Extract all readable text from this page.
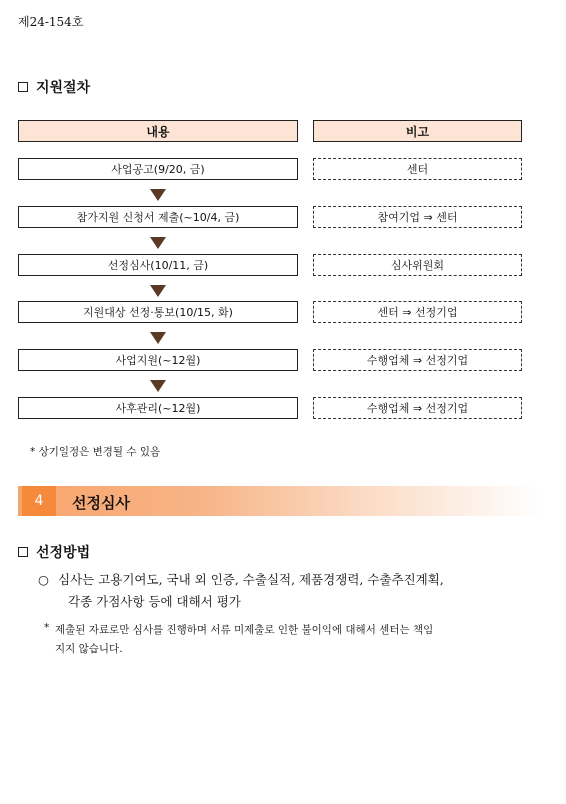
제24-154호
지원절차
내용	비고
사업공고(9/20, 금)	센터
참가지원 신청서 제출(~10/4, 금)	참여기업 ⇒ 센터
선정심사(10/11, 금)	심사위원회
지원대상 선정·통보(10/15, 화)	센터 ⇒ 선정기업
사업지원(~12월)	수행업체 ⇒ 선정기업
사후관리(~12월)	수행업체 ⇒ 선정기업
* 상기일정은 변경될 수 있음
4	선정심사
선정방법
○ 심사는 고용기여도, 국내 외 인증, 수출실적, 제품경쟁력, 수출추진계획,
각종 가점사항 등에 대해서 평가
* 제출된 자료로만 심사를 진행하며 서류 미제출로 인한 불이익에 대해서 센터는 책임
지지 않습니다.
